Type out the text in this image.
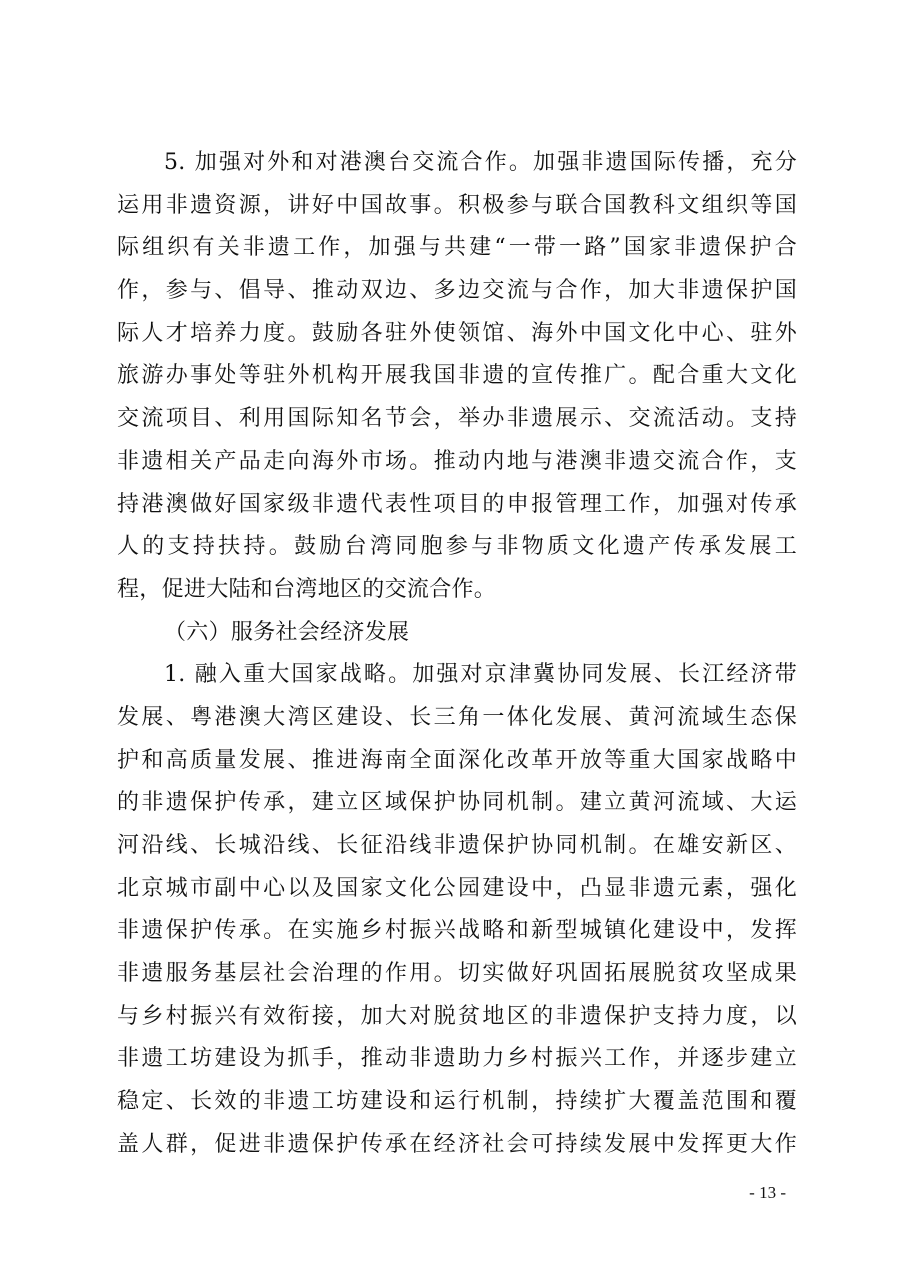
5. 加强对外和对港澳台交流合作。加强非遗国际传播，充分
运用非遗资源，讲好中国故事。积极参与联合国教科文组织等国
际组织有关非遗工作，加强与共建“一带一路”国家非遗保护合
作，参与、倡导、推动双边、多边交流与合作，加大非遗保护国
际人才培养力度。鼓励各驻外使领馆、海外中国文化中心、驻外
旅游办事处等驻外机构开展我国非遗的宣传推广。配合重大文化
交流项目、利用国际知名节会，举办非遗展示、交流活动。支持
非遗相关产品走向海外市场。推动内地与港澳非遗交流合作，支
持港澳做好国家级非遗代表性项目的申报管理工作，加强对传承
人的支持扶持。鼓励台湾同胞参与非物质文化遗产传承发展工
程，促进大陆和台湾地区的交流合作。
（六）服务社会经济发展
1. 融入重大国家战略。加强对京津冀协同发展、长江经济带
发展、粤港澳大湾区建设、长三角一体化发展、黄河流域生态保
护和高质量发展、推进海南全面深化改革开放等重大国家战略中
的非遗保护传承，建立区域保护协同机制。建立黄河流域、大运
河沿线、长城沿线、长征沿线非遗保护协同机制。在雄安新区、
北京城市副中心以及国家文化公园建设中，凸显非遗元素，强化
非遗保护传承。在实施乡村振兴战略和新型城镇化建设中，发挥
非遗服务基层社会治理的作用。切实做好巩固拓展脱贫攻坚成果
与乡村振兴有效衔接，加大对脱贫地区的非遗保护支持力度，以
非遗工坊建设为抓手，推动非遗助力乡村振兴工作，并逐步建立
稳定、长效的非遗工坊建设和运行机制，持续扩大覆盖范围和覆
盖人群，促进非遗保护传承在经济社会可持续发展中发挥更大作
- 13 -
